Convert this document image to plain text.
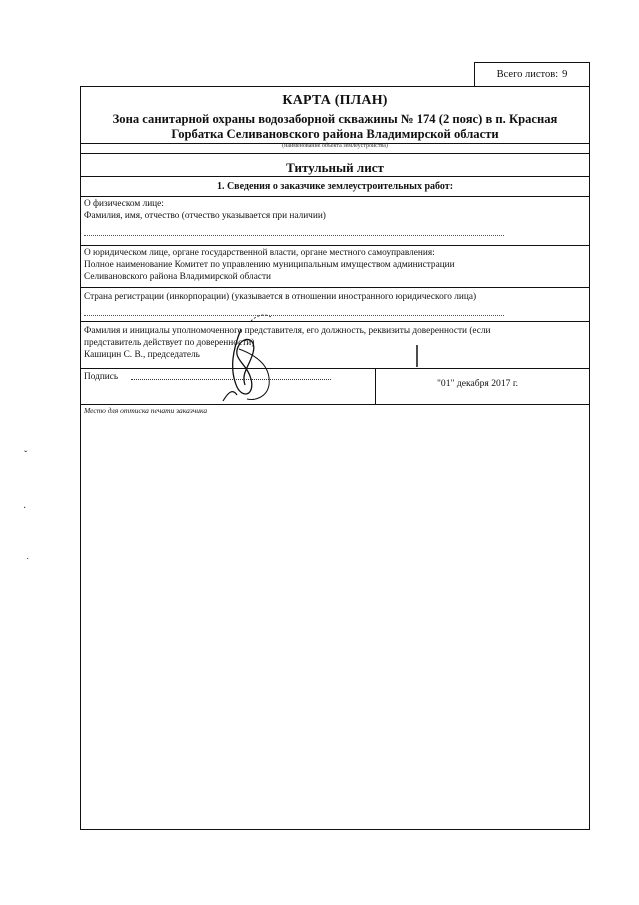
Всего листов: 9
КАРТА (ПЛАН)
Зона санитарной охраны водозаборной скважины № 174 (2 пояс) в п. Красная
Горбатка Селивановского района Владимирской области
(наименование объекта землеустройства)
Титульный лист
1. Сведения о заказчике землеустроительных работ:
О физическом лице:
Фамилия, имя, отчество (отчество указывается при наличии)
О юридическом лице, органе государственной власти, органе местного самоуправления:
Полное наименование Комитет по управлению муниципальным имуществом администрации
Селивановского района Владимирской области
Страна регистрации (инкорпорации) (указывается в отношении иностранного юридического лица)
Фамилия и инициалы уполномоченного представителя, его должность, реквизиты доверенности (если
представитель действует по доверенности)
Кашицин С. В., председатель
Подпись
"01" декабря 2017 г.
Место для оттиска печати заказчика
ˇ
·
˙
